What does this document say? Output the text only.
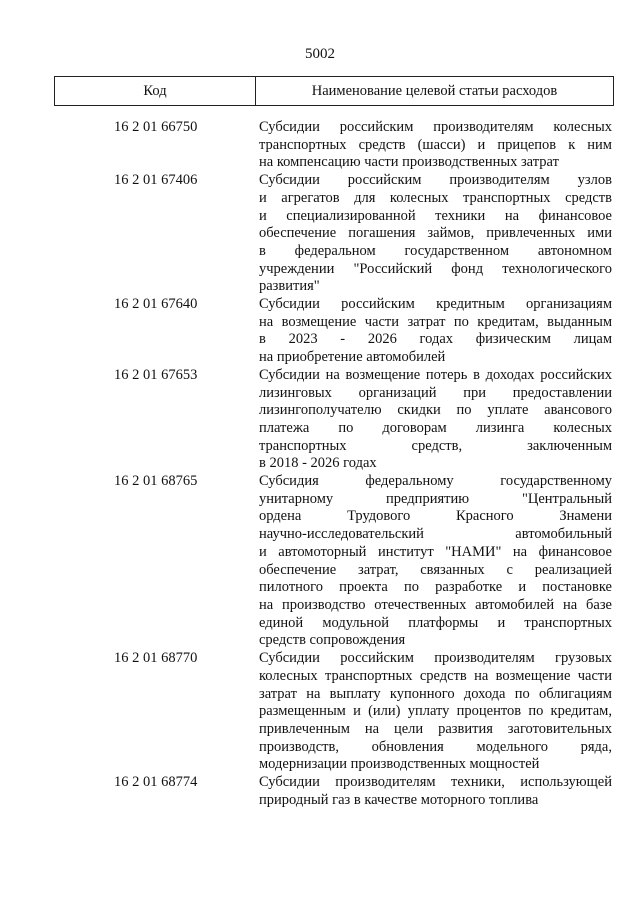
5002
Код	Наименование целевой статьи расходов
16 2 01 66750	Субсидии российским производителям колесных
транспортных средств (шасси) и прицепов к ним
на компенсацию части производственных затрат
16 2 01 67406	Субсидии российским производителям узлов
и агрегатов для колесных транспортных средств
и специализированной техники на финансовое
обеспечение погашения займов, привлеченных ими
в федеральном государственном автономном
учреждении "Российский фонд технологического
развития"
16 2 01 67640	Субсидии российским кредитным организациям
на возмещение части затрат по кредитам, выданным
в 2023 - 2026 годах физическим лицам
на приобретение автомобилей
16 2 01 67653	Субсидии на возмещение потерь в доходах российских
лизинговых организаций при предоставлении
лизингополучателю скидки по уплате авансового
платежа по договорам лизинга колесных
транспортных средств, заключенным
в 2018 - 2026 годах
16 2 01 68765	Субсидия федеральному государственному
унитарному предприятию "Центральный
ордена Трудового Красного Знамени
научно-исследовательский автомобильный
и автомоторный институт "НАМИ" на финансовое
обеспечение затрат, связанных с реализацией
пилотного проекта по разработке и постановке
на производство отечественных автомобилей на базе
единой модульной платформы и транспортных
средств сопровождения
16 2 01 68770	Субсидии российским производителям грузовых
колесных транспортных средств на возмещение части
затрат на выплату купонного дохода по облигациям
размещенным и (или) уплату процентов по кредитам,
привлеченным на цели развития заготовительных
производств, обновления модельного ряда,
модернизации производственных мощностей
16 2 01 68774	Субсидии производителям техники, использующей
природный газ в качестве моторного топлива
